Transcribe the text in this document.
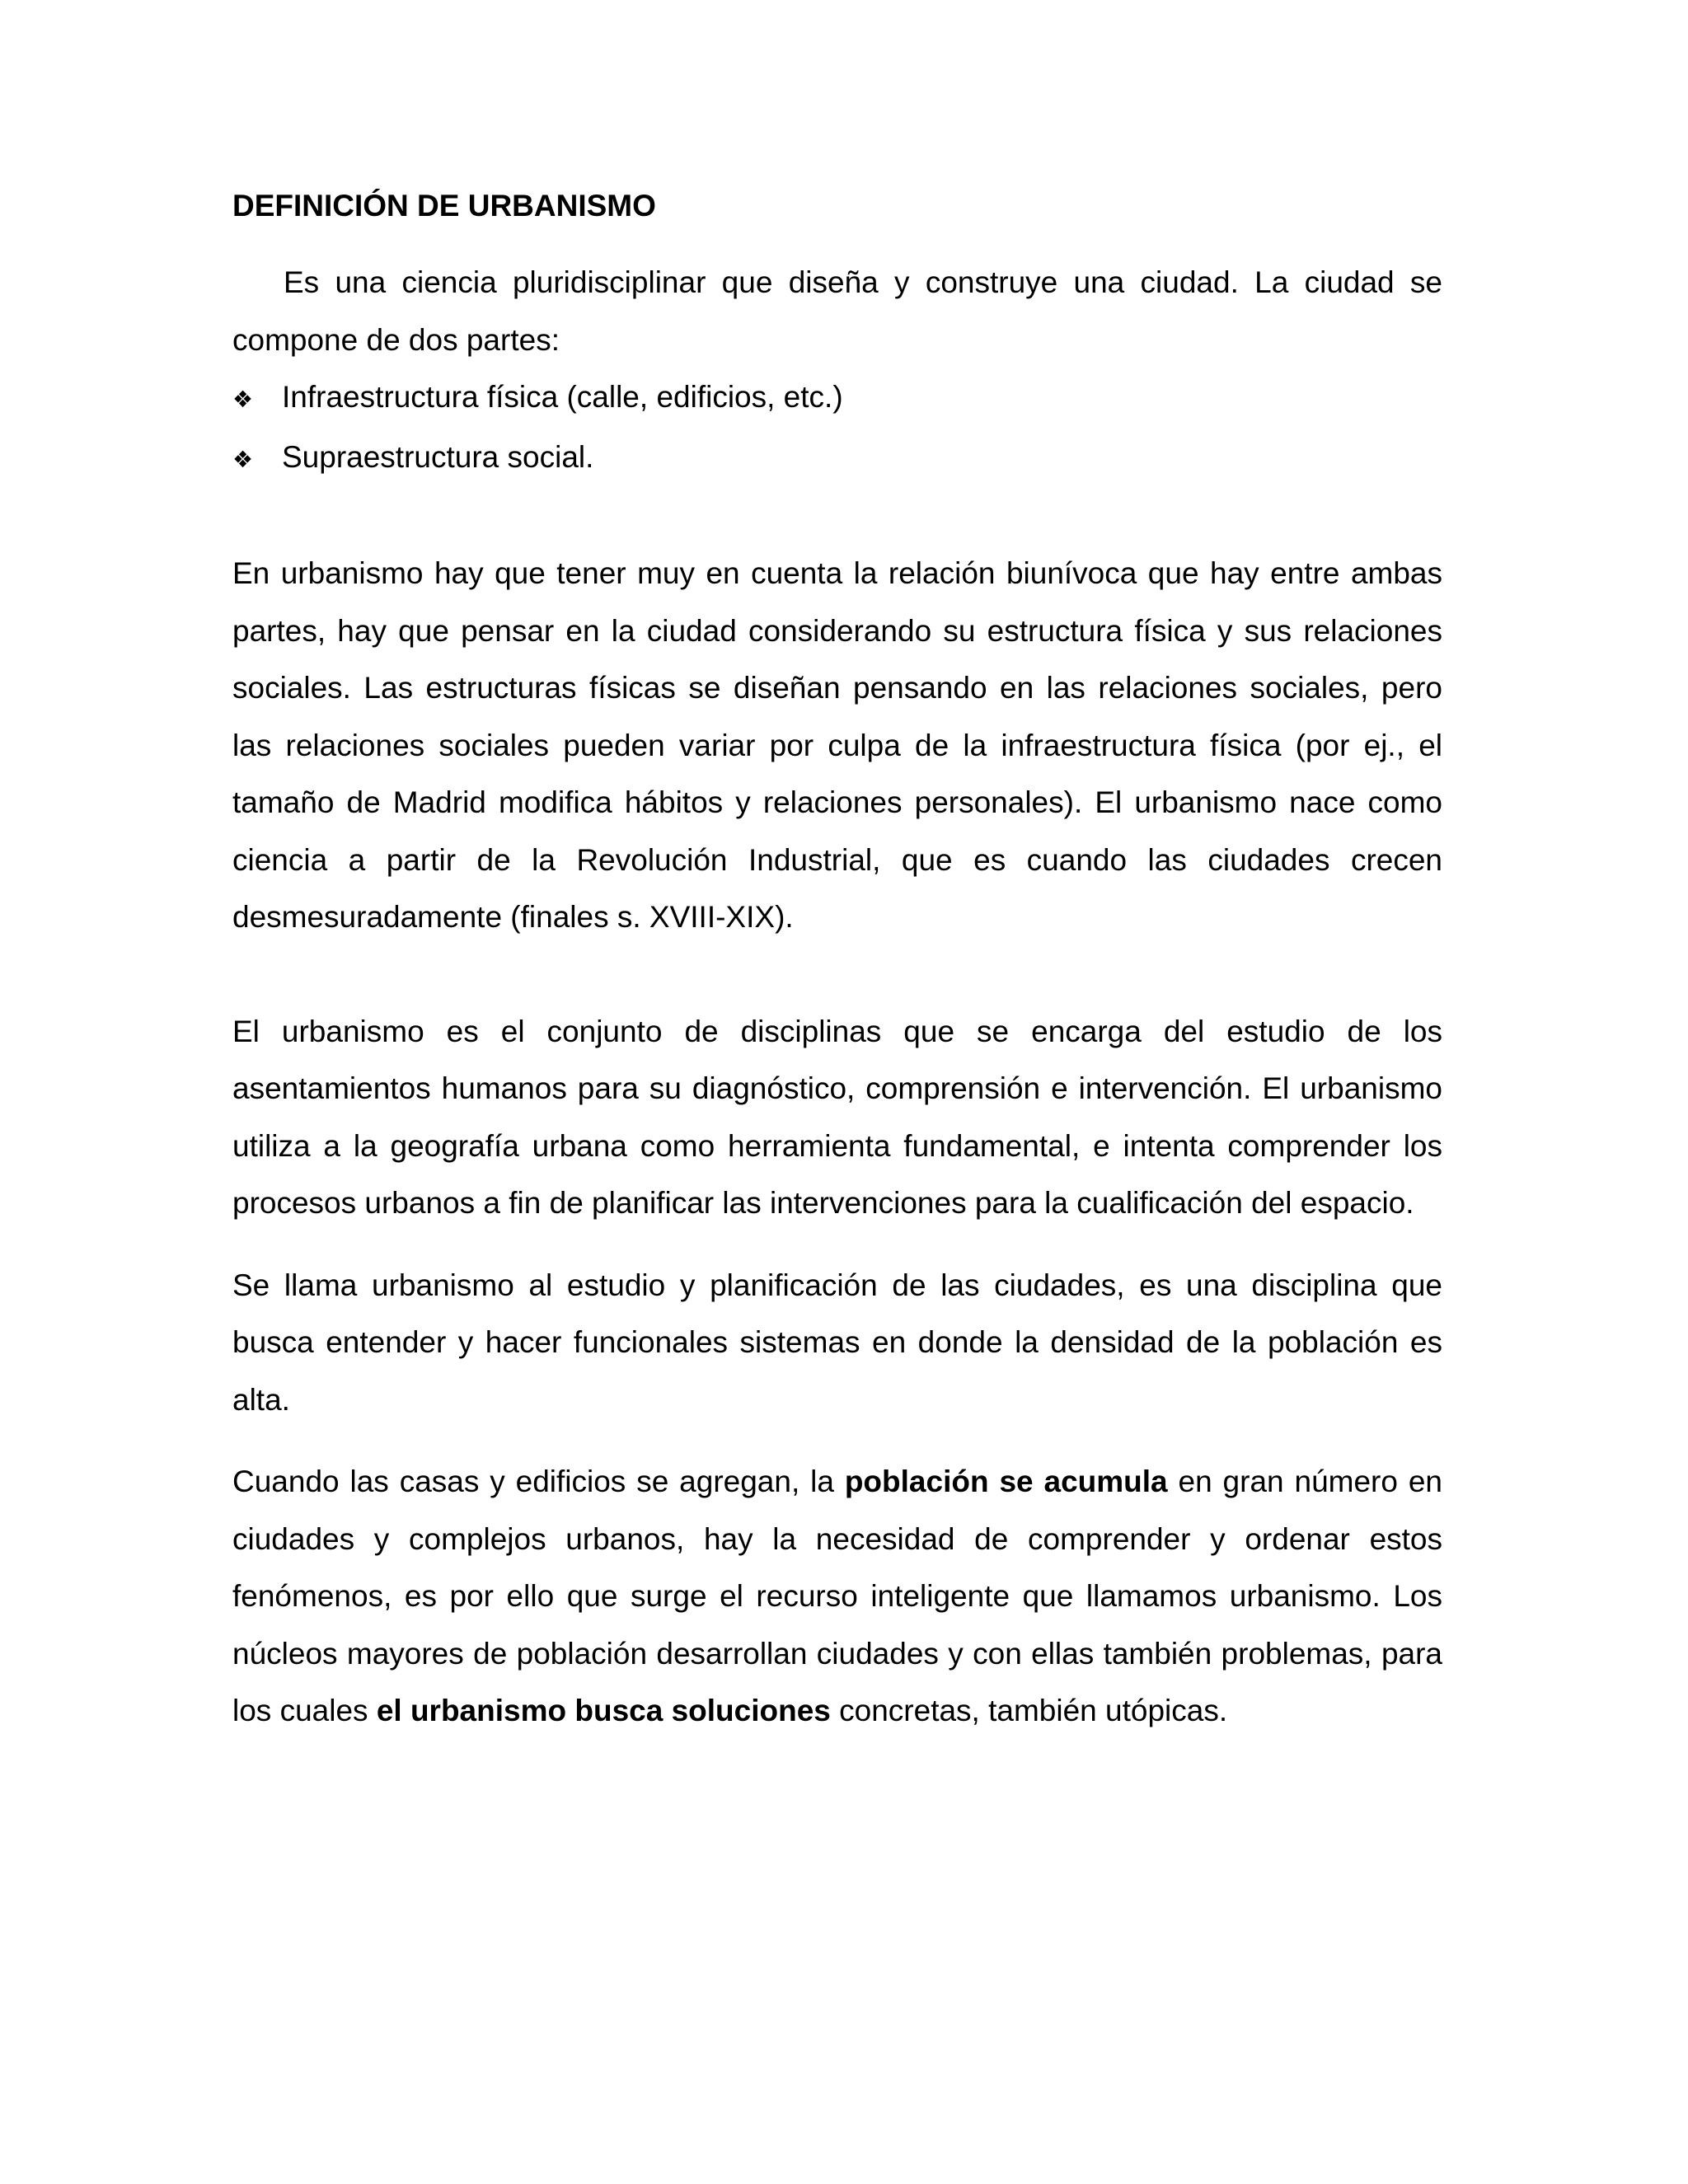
DEFINICIÓN DE URBANISMO

Es una ciencia pluridisciplinar que diseña y construye una ciudad. La ciudad se compone de dos partes:

❖ Infraestructura física (calle, edificios, etc.)
❖ Supraestructura social.

En urbanismo hay que tener muy en cuenta la relación biunívoca que hay entre ambas partes, hay que pensar en la ciudad considerando su estructura física y sus relaciones sociales. Las estructuras físicas se diseñan pensando en las relaciones sociales, pero las relaciones sociales pueden variar por culpa de la infraestructura física (por ej., el tamaño de Madrid modifica hábitos y relaciones personales). El urbanismo nace como ciencia a partir de la Revolución Industrial, que es cuando las ciudades crecen desmesuradamente (finales s. XVIII-XIX).

El urbanismo es el conjunto de disciplinas que se encarga del estudio de los asentamientos humanos para su diagnóstico, comprensión e intervención. El urbanismo utiliza a la geografía urbana como herramienta fundamental, e intenta comprender los procesos urbanos a fin de planificar las intervenciones para la cualificación del espacio.

Se llama urbanismo al estudio y planificación de las ciudades, es una disciplina que busca entender y hacer funcionales sistemas en donde la densidad de la población es alta.

Cuando las casas y edificios se agregan, la población se acumula en gran número en ciudades y complejos urbanos, hay la necesidad de comprender y ordenar estos fenómenos, es por ello que surge el recurso inteligente que llamamos urbanismo. Los núcleos mayores de población desarrollan ciudades y con ellas también problemas, para los cuales el urbanismo busca soluciones concretas, también utópicas.
